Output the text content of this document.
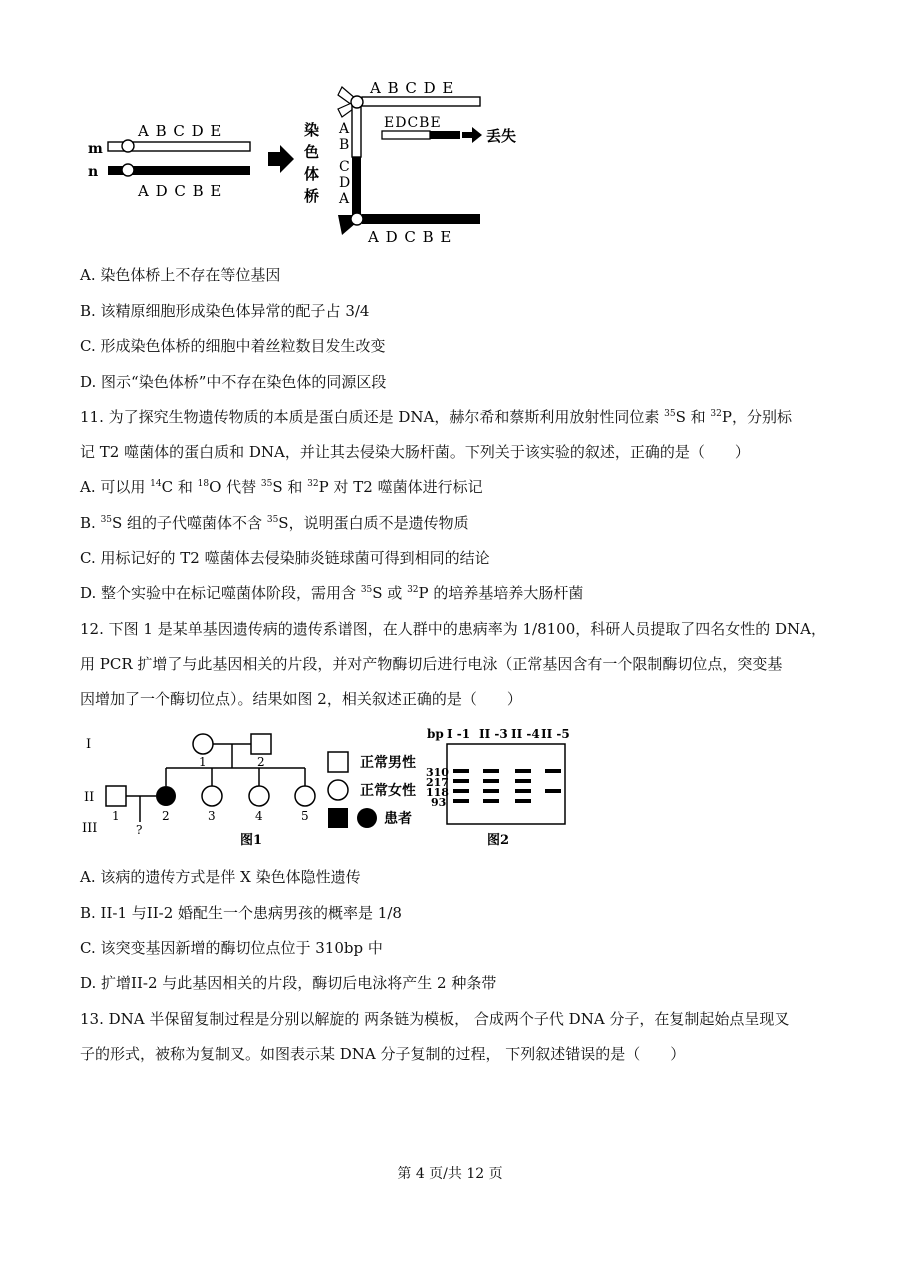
m
A B C D E
n
A D C B E
染
色
体
桥
A B C D E
A
B
C
D
A
EDCBE
丢失
A D C B E
A. 染色体桥上不存在等位基因
B. 该精原细胞形成染色体异常的配子占 3/4
C. 形成染色体桥的细胞中着丝粒数目发生改变
D. 图示“染色体桥”中不存在染色体的同源区段
11. 为了探究生物遗传物质的本质是蛋白质还是 DNA，赫尔希和蔡斯利用放射性同位素 $^{35}$S 和 $^{32}$P，分别标
记 T2 噬菌体的蛋白质和 DNA，并让其去侵染大肠杆菌。下列关于该实验的叙述，正确的是（　　）
A. 可以用 $^{14}$C 和 $^{18}$O 代替 $^{35}$S 和 $^{32}$P 对 T2 噬菌体进行标记
B. $^{35}$S 组的子代噬菌体不含 $^{35}$S，说明蛋白质不是遗传物质
C. 用标记好的 T2 噬菌体去侵染肺炎链球菌可得到相同的结论
D. 整个实验中在标记噬菌体阶段，需用含 $^{35}$S 或 $^{32}$P 的培养基培养大肠杆菌
12. 下图 1 是某单基因遗传病的遗传系谱图，在人群中的患病率为 1/8100，科研人员提取了四名女性的 DNA，
用 PCR 扩增了与此基因相关的片段，并对产物酶切后进行电泳（正常基因含有一个限制酶切位点，突变基
因增加了一个酶切位点）。结果如图 2，相关叙述正确的是（　　）
I
II
III
1	2
1	2	3	4	5
?
图1
正常男性
正常女性
患者
bp I -1 II -3 II -4 II -5
310
217
118
93
图2
A. 该病的遗传方式是伴 X 染色体隐性遗传
B. II-1 与II-2 婚配生一个患病男孩的概率是 1/8
C. 该突变基因新增的酶切位点位于 310bp 中
D. 扩增II-2 与此基因相关的片段，酶切后电泳将产生 2 种条带
13. DNA 半保留复制过程是分别以解旋的 两条链为模板， 合成两个子代 DNA 分子，在复制起始点呈现叉
子的形式，被称为复制叉。如图表示某 DNA 分子复制的过程， 下列叙述错误的是（　　）
第 4 页/共 12 页
